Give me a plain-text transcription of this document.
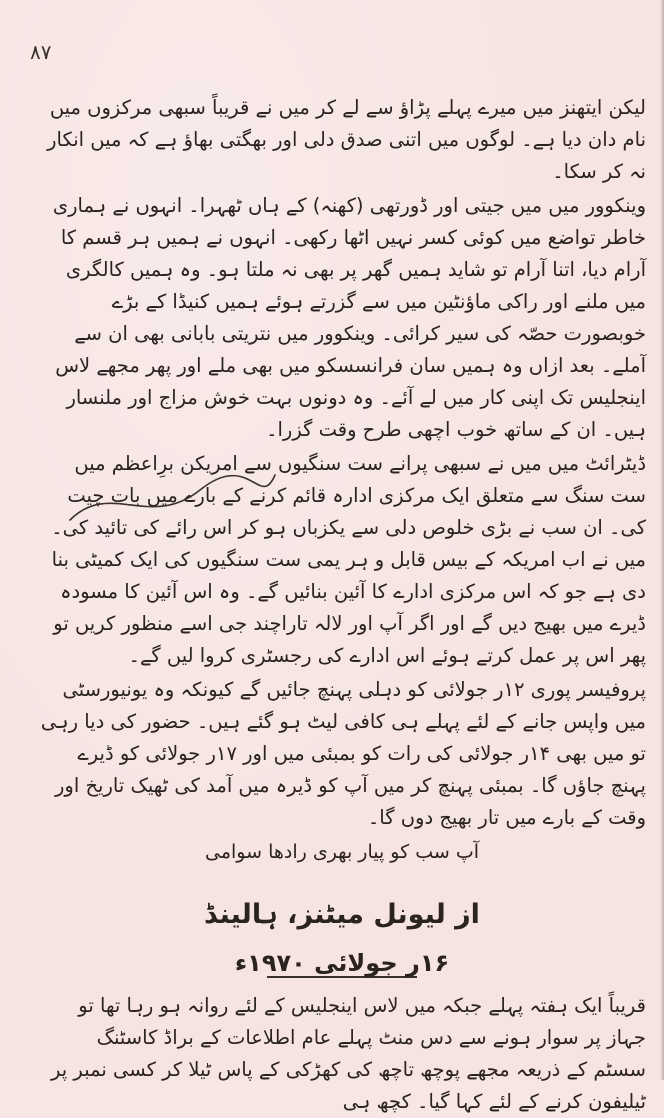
۸۷

لیکن ایتھنز میں میرے پہلے پڑاؤ سے لے کر میں نے قریباً سبھی مرکزوں میں نام دان دیا ہے۔ لوگوں میں اتنی صدق دلی اور بھگتی بھاؤ ہے کہ میں انکار نہ کر سکا۔

وینکوور میں میں جیتی اور ڈورتھی (کھنہ) کے ہاں ٹھہرا۔ انہوں نے ہماری خاطر تواضع میں کوئی کسر نہیں اٹھا رکھی۔ انہوں نے ہمیں ہر قسم کا آرام دیا، اتنا آرام تو شاید ہمیں گھر پر بھی نہ ملتا ہو۔ وہ ہمیں کالگری میں ملنے اور راکی ماؤنٹین میں سے گزرتے ہوئے ہمیں کنیڈا کے بڑے خوبصورت حصّہ کی سیر کرائی۔ وینکوور میں نتریتی بابانی بھی ان سے آملے۔ بعد ازاں وہ ہمیں سان فرانسسکو میں بھی ملے اور پھر مجھے لاس اینجلیس تک اپنی کار میں لے آئے۔ وہ دونوں بہت خوش مزاج اور ملنسار ہیں۔ ان کے ساتھ خوب اچھی طرح وقت گزرا۔

ڈیٹرائٹ میں میں نے سبھی پرانے ست سنگیوں سے امریکن برِاعظم میں ست سنگ سے متعلق ایک مرکزی ادارہ قائم کرنے کے بارے میں بات چیت کی۔ ان سب نے بڑی خلوص دلی سے یکزباں ہو کر اس رائے کی تائید کی۔ میں نے اب امریکہ کے بیس قابل و ہر یمی ست سنگیوں کی ایک کمیٹی بنا دی ہے جو کہ اس مرکزی ادارے کا آئین بنائیں گے۔ وہ اس آئین کا مسودہ ڈیرے میں بھیج دیں گے اور اگر آپ اور لالہ تاراچند جی اسے منظور کریں تو پھر اس پر عمل کرتے ہوئے اس ادارے کی رجسٹری کروا لیں گے۔

پروفیسر پوری ۱۲ر جولائی کو دہلی پہنچ جائیں گے کیونکہ وہ یونیورسٹی میں واپس جانے کے لئے پہلے ہی کافی لیٹ ہو گئے ہیں۔ حضور کی دیا رہی تو میں بھی ۱۴ر جولائی کی رات کو بمبئی میں اور ۱۷ر جولائی کو ڈیرے پہنچ جاؤں گا۔ بمبئی پہنچ کر میں آپ کو ڈیرہ میں آمد کی ٹھیک تاریخ اور وقت کے بارے میں تار بھیج دوں گا۔

آپ سب کو پیار بھری رادھا سوامی

از لیونل میٹنز، ہالینڈ
۱۶ر جولائی ۱۹۷۰ء

قریباً ایک ہفتہ پہلے جبکہ میں لاس اینجلیس کے لئے روانہ ہو رہا تھا تو جہاز پر سوار ہونے سے دس منٹ پہلے عام اطلاعات کے براڈ کاسٹنگ سسٹم کے ذریعہ مجھے پوچھ تاچھ کی کھڑکی کے پاس ٹیلا کر کسی نمبر پر ٹیلیفون کرنے کے لئے کہا گیا۔ کچھ ہی
